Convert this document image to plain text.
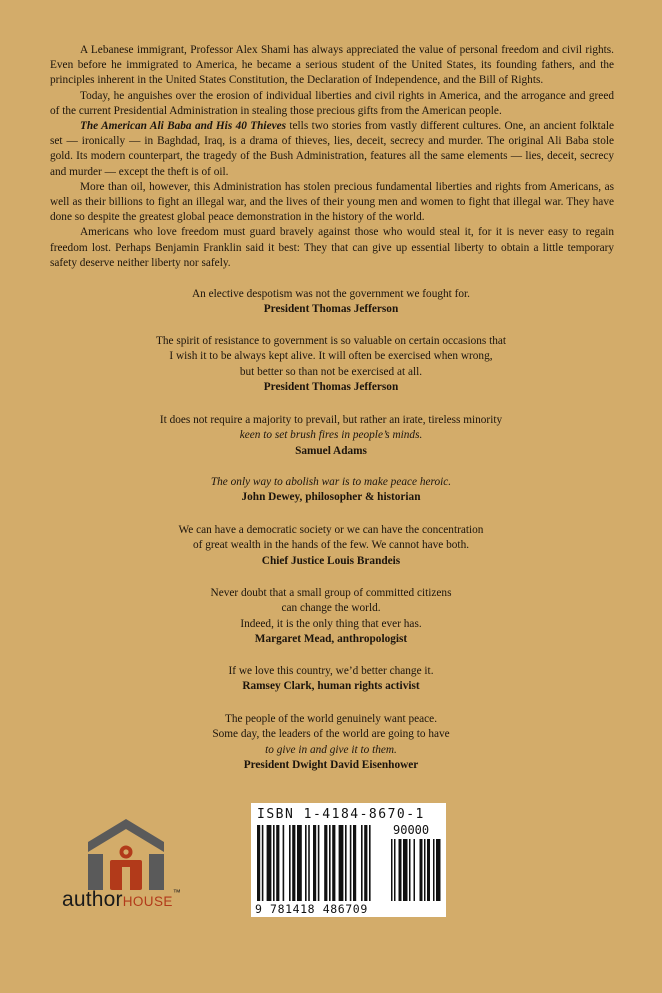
A Lebanese immigrant, Professor Alex Shami has always appreciated the value of personal freedom and civil rights. Even before he immigrated to America, he became a serious student of the United States, its founding fathers, and the principles inherent in the United States Constitution, the Declaration of Independence, and the Bill of Rights.

Today, he anguishes over the erosion of individual liberties and civil rights in America, and the arrogance and greed of the current Presidential Administration in stealing those precious gifts from the American people.

The American Ali Baba and His 40 Thieves tells two stories from vastly different cultures. One, an ancient folktale set — ironically — in Baghdad, Iraq, is a drama of thieves, lies, deceit, secrecy and murder. The original Ali Baba stole gold. Its modern counterpart, the tragedy of the Bush Administration, features all the same elements — lies, deceit, secrecy and murder — except the theft is of oil.

More than oil, however, this Administration has stolen precious fundamental liberties and rights from Americans, as well as their billions to fight an illegal war, and the lives of their young men and women to fight that illegal war. They have done so despite the greatest global peace demonstration in the history of the world.

Americans who love freedom must guard bravely against those who would steal it, for it is never easy to regain freedom lost. Perhaps Benjamin Franklin said it best: They that can give up essential liberty to obtain a little temporary safety deserve neither liberty nor safely.

An elective despotism was not the government we fought for.
President Thomas Jefferson
The spirit of resistance to government is so valuable on certain occasions that
I wish it to be always kept alive. It will often be exercised when wrong,
but better so than not be exercised at all.
President Thomas Jefferson
It does not require a majority to prevail, but rather an irate, tireless minority
keen to set brush fires in people’s minds.
Samuel Adams
The only way to abolish war is to make peace heroic.
John Dewey, philosopher & historian
We can have a democratic society or we can have the concentration
of great wealth in the hands of the few. We cannot have both.
Chief Justice Louis Brandeis
Never doubt that a small group of committed citizens
can change the world.
Indeed, it is the only thing that ever has.
Margaret Mead, anthropologist
If we love this country, we’d better change it.
Ramsey Clark, human rights activist
The people of the world genuinely want peace.
Some day, the leaders of the world are going to have
to give in and give it to them.
President Dwight David Eisenhower
authorHOUSE™
ISBN 1-4184-8670-1
90000
9 781418 486709
